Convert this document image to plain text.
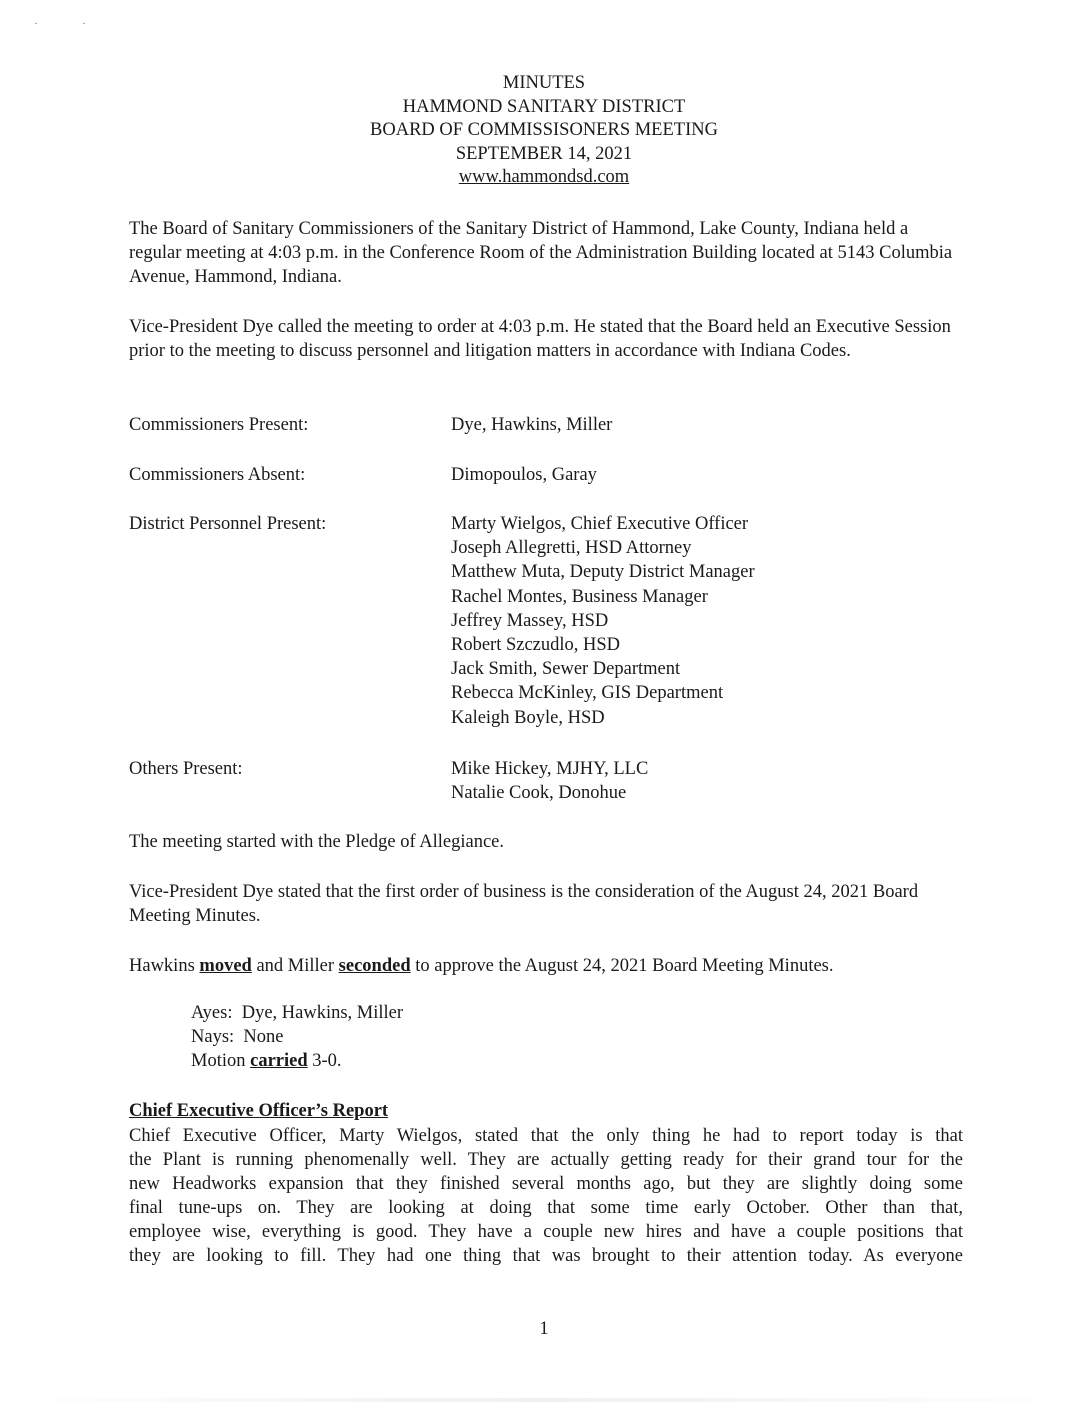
··
MINUTES
HAMMOND SANITARY DISTRICT
BOARD OF COMMISSISONERS MEETING
SEPTEMBER 14, 2021
www.hammondsd.com
The Board of Sanitary Commissioners of the Sanitary District of Hammond, Lake County, Indiana held a regular meeting at 4:03 p.m. in the Conference Room of the Administration Building located at 5143 Columbia Avenue, Hammond, Indiana.
Vice-President Dye called the meeting to order at 4:03 p.m. He stated that the Board held an Executive Session prior to the meeting to discuss personnel and litigation matters in accordance with Indiana Codes.
Commissioners Present:	Dye, Hawkins, Miller
Commissioners Absent:	Dimopoulos, Garay
District Personnel Present:	Marty Wielgos, Chief Executive Officer
Joseph Allegretti, HSD Attorney
Matthew Muta, Deputy District Manager
Rachel Montes, Business Manager
Jeffrey Massey, HSD
Robert Szczudlo, HSD
Jack Smith, Sewer Department
Rebecca McKinley, GIS Department
Kaleigh Boyle, HSD
Others Present:	Mike Hickey, MJHY, LLC
Natalie Cook, Donohue
The meeting started with the Pledge of Allegiance.
Vice-President Dye stated that the first order of business is the consideration of the August 24, 2021 Board Meeting Minutes.
Hawkins moved and Miller seconded to approve the August 24, 2021 Board Meeting Minutes.
Ayes:  Dye, Hawkins, Miller
Nays:  None
Motion carried 3-0.
Chief Executive Officer’s Report
Chief Executive Officer, Marty Wielgos, stated that the only thing he had to report today is that
the Plant is running phenomenally well. They are actually getting ready for their grand tour for the
new Headworks expansion that they finished several months ago, but they are slightly doing some
final tune-ups on. They are looking at doing that some time early October. Other than that,
employee wise, everything is good. They have a couple new hires and have a couple positions that
they are looking to fill. They had one thing that was brought to their attention today. As everyone
1
